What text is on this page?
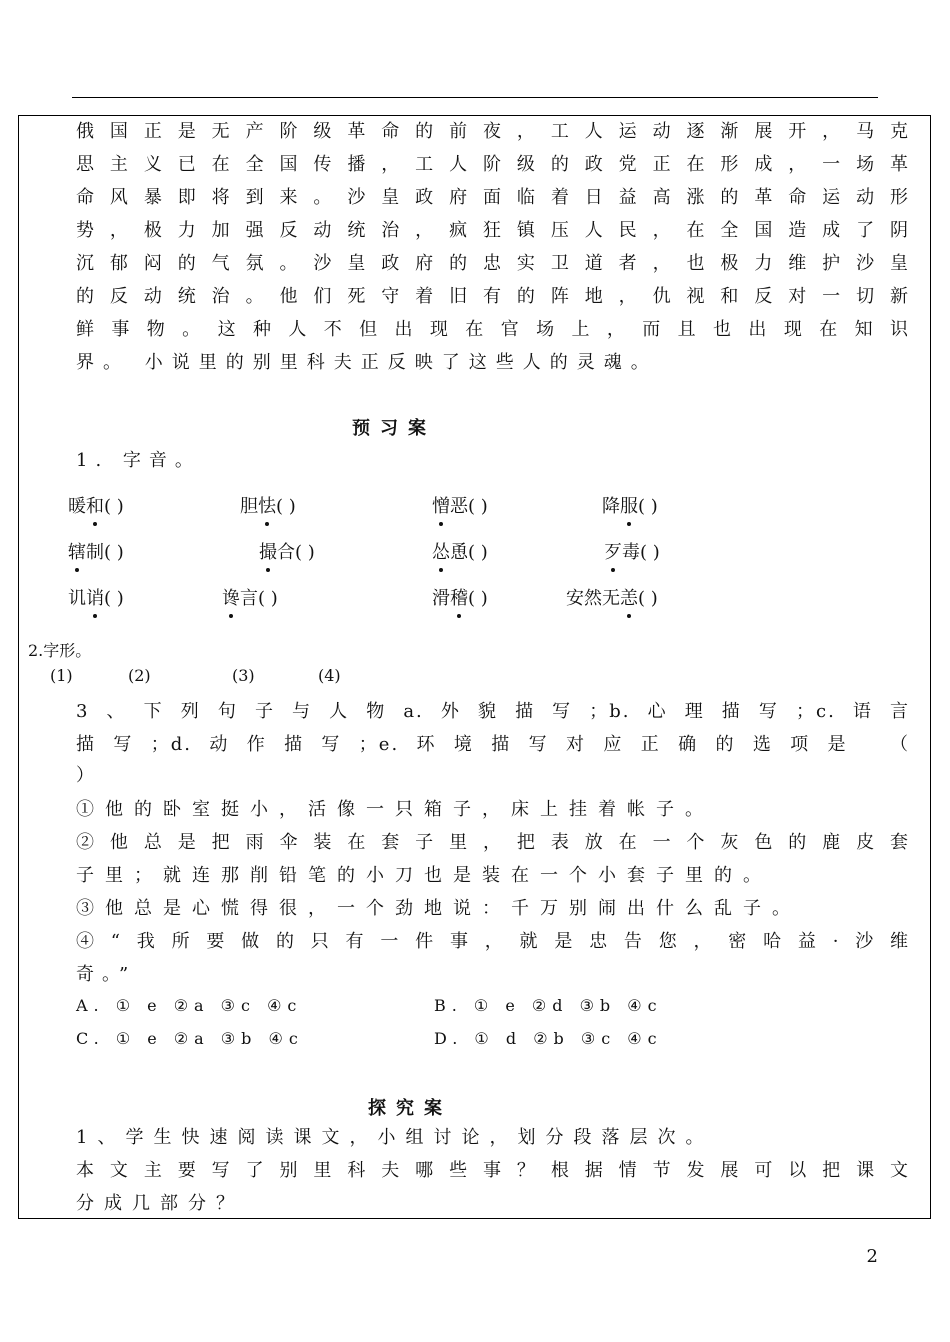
俄国正是无产阶级革命的前夜，工人运动逐渐展开，马克
思主义已在全国传播，工人阶级的政党正在形成，一场革
命风暴即将到来。沙皇政府面临着日益高涨的革命运动形
势，极力加强反动统治，疯狂镇压人民，在全国造成了阴
沉郁闷的气氛。沙皇政府的忠实卫道者，也极力维护沙皇
的反动统治。他们死守着旧有的阵地，仇视和反对一切新
鲜事物。这种人不但出现在官场上，而且也出现在知识
界。 小说里的别里科夫正反映了这些人的灵魂。
预习案
1. 字音。
暖和( )	胆怯( )	憎恶( )	降服( )
辖制( )	撮合( )	怂恿( )	歹毒( )
讥诮( )	谗言( )	滑稽( )	安然无恙( )
2.字形。
(1)	(2)	(3)	(4)
3、下列句子与人物a.外貌描写；b.心理描写；c.语言
描写；d.动作描写；e.环境描写对应正确的选项是 （
）
①他的卧室挺小，活像一只箱子，床上挂着帐子。
②他总是把雨伞装在套子里，把表放在一个灰色的鹿皮套
子里；就连那削铅笔的小刀也是装在一个小套子里的。
③他总是心慌得很，一个劲地说：千万别闹出什么乱子。
④“我所要做的只有一件事，就是忠告您，密哈益·沙维
奇。”
A. ① e ②a ③c ④c	B. ① e ②d ③b ④c
C. ① e ②a ③b ④c	D. ① d ②b ③c ④c
探究案
1、学生快速阅读课文，小组讨论，划分段落层次。
本文主要写了别里科夫哪些事？根据情节发展可以把课文
分成几部分？
2
